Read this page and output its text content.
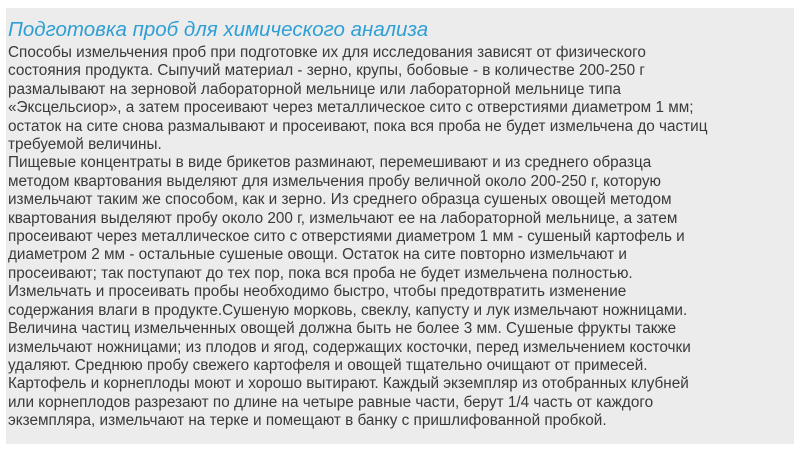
Подготовка проб для химического анализа
Способы измельчения проб при подготовке их для исследования зависят от физического
состояния продукта. Сыпучий материал - зерно, крупы, бобовые - в количестве 200-250 г
размалывают на зерновой лабораторной мельнице или лабораторной мельнице типа
«Эксцельсиор», а затем просеивают через металлическое сито с отверстиями диаметром 1 мм;
остаток на сите снова размалывают и просеивают, пока вся проба не будет измельчена до частиц
требуемой величины.
Пищевые концентраты в виде брикетов разминают, перемешивают и из среднего образца
методом квартования выделяют для измельчения пробу величной около 200-250 г, которую
измельчают таким же способом, как и зерно. Из среднего образца сушеных овощей методом
квартования выделяют пробу около 200 г, измельчают ее на лабораторной мельнице, а затем
просеивают через металлическое сито с отверстиями диаметром 1 мм - сушеный картофель и
диаметром 2 мм - остальные сушеные овощи. Остаток на сите повторно измельчают и
просеивают; так поступают до тех пор, пока вся проба не будет измельчена полностью.
Измельчать и просеивать пробы необходимо быстро, чтобы предотвратить изменение
содержания влаги в продукте.Сушеную морковь, свеклу, капусту и лук измельчают ножницами.
Величина частиц измельченных овощей должна быть не более 3 мм. Сушеные фрукты также
измельчают ножницами; из плодов и ягод, содержащих косточки, перед измельчением косточки
удаляют. Среднюю пробу свежего картофеля и овощей тщательно очищают от примесей.
Картофель и корнеплоды моют и хорошо вытирают. Каждый экземпляр из отобранных клубней
или корнеплодов разрезают по длине на четыре равные части, берут 1/4 часть от каждого
экземпляра, измельчают на терке и помещают в банку с пришлифованной пробкой.
